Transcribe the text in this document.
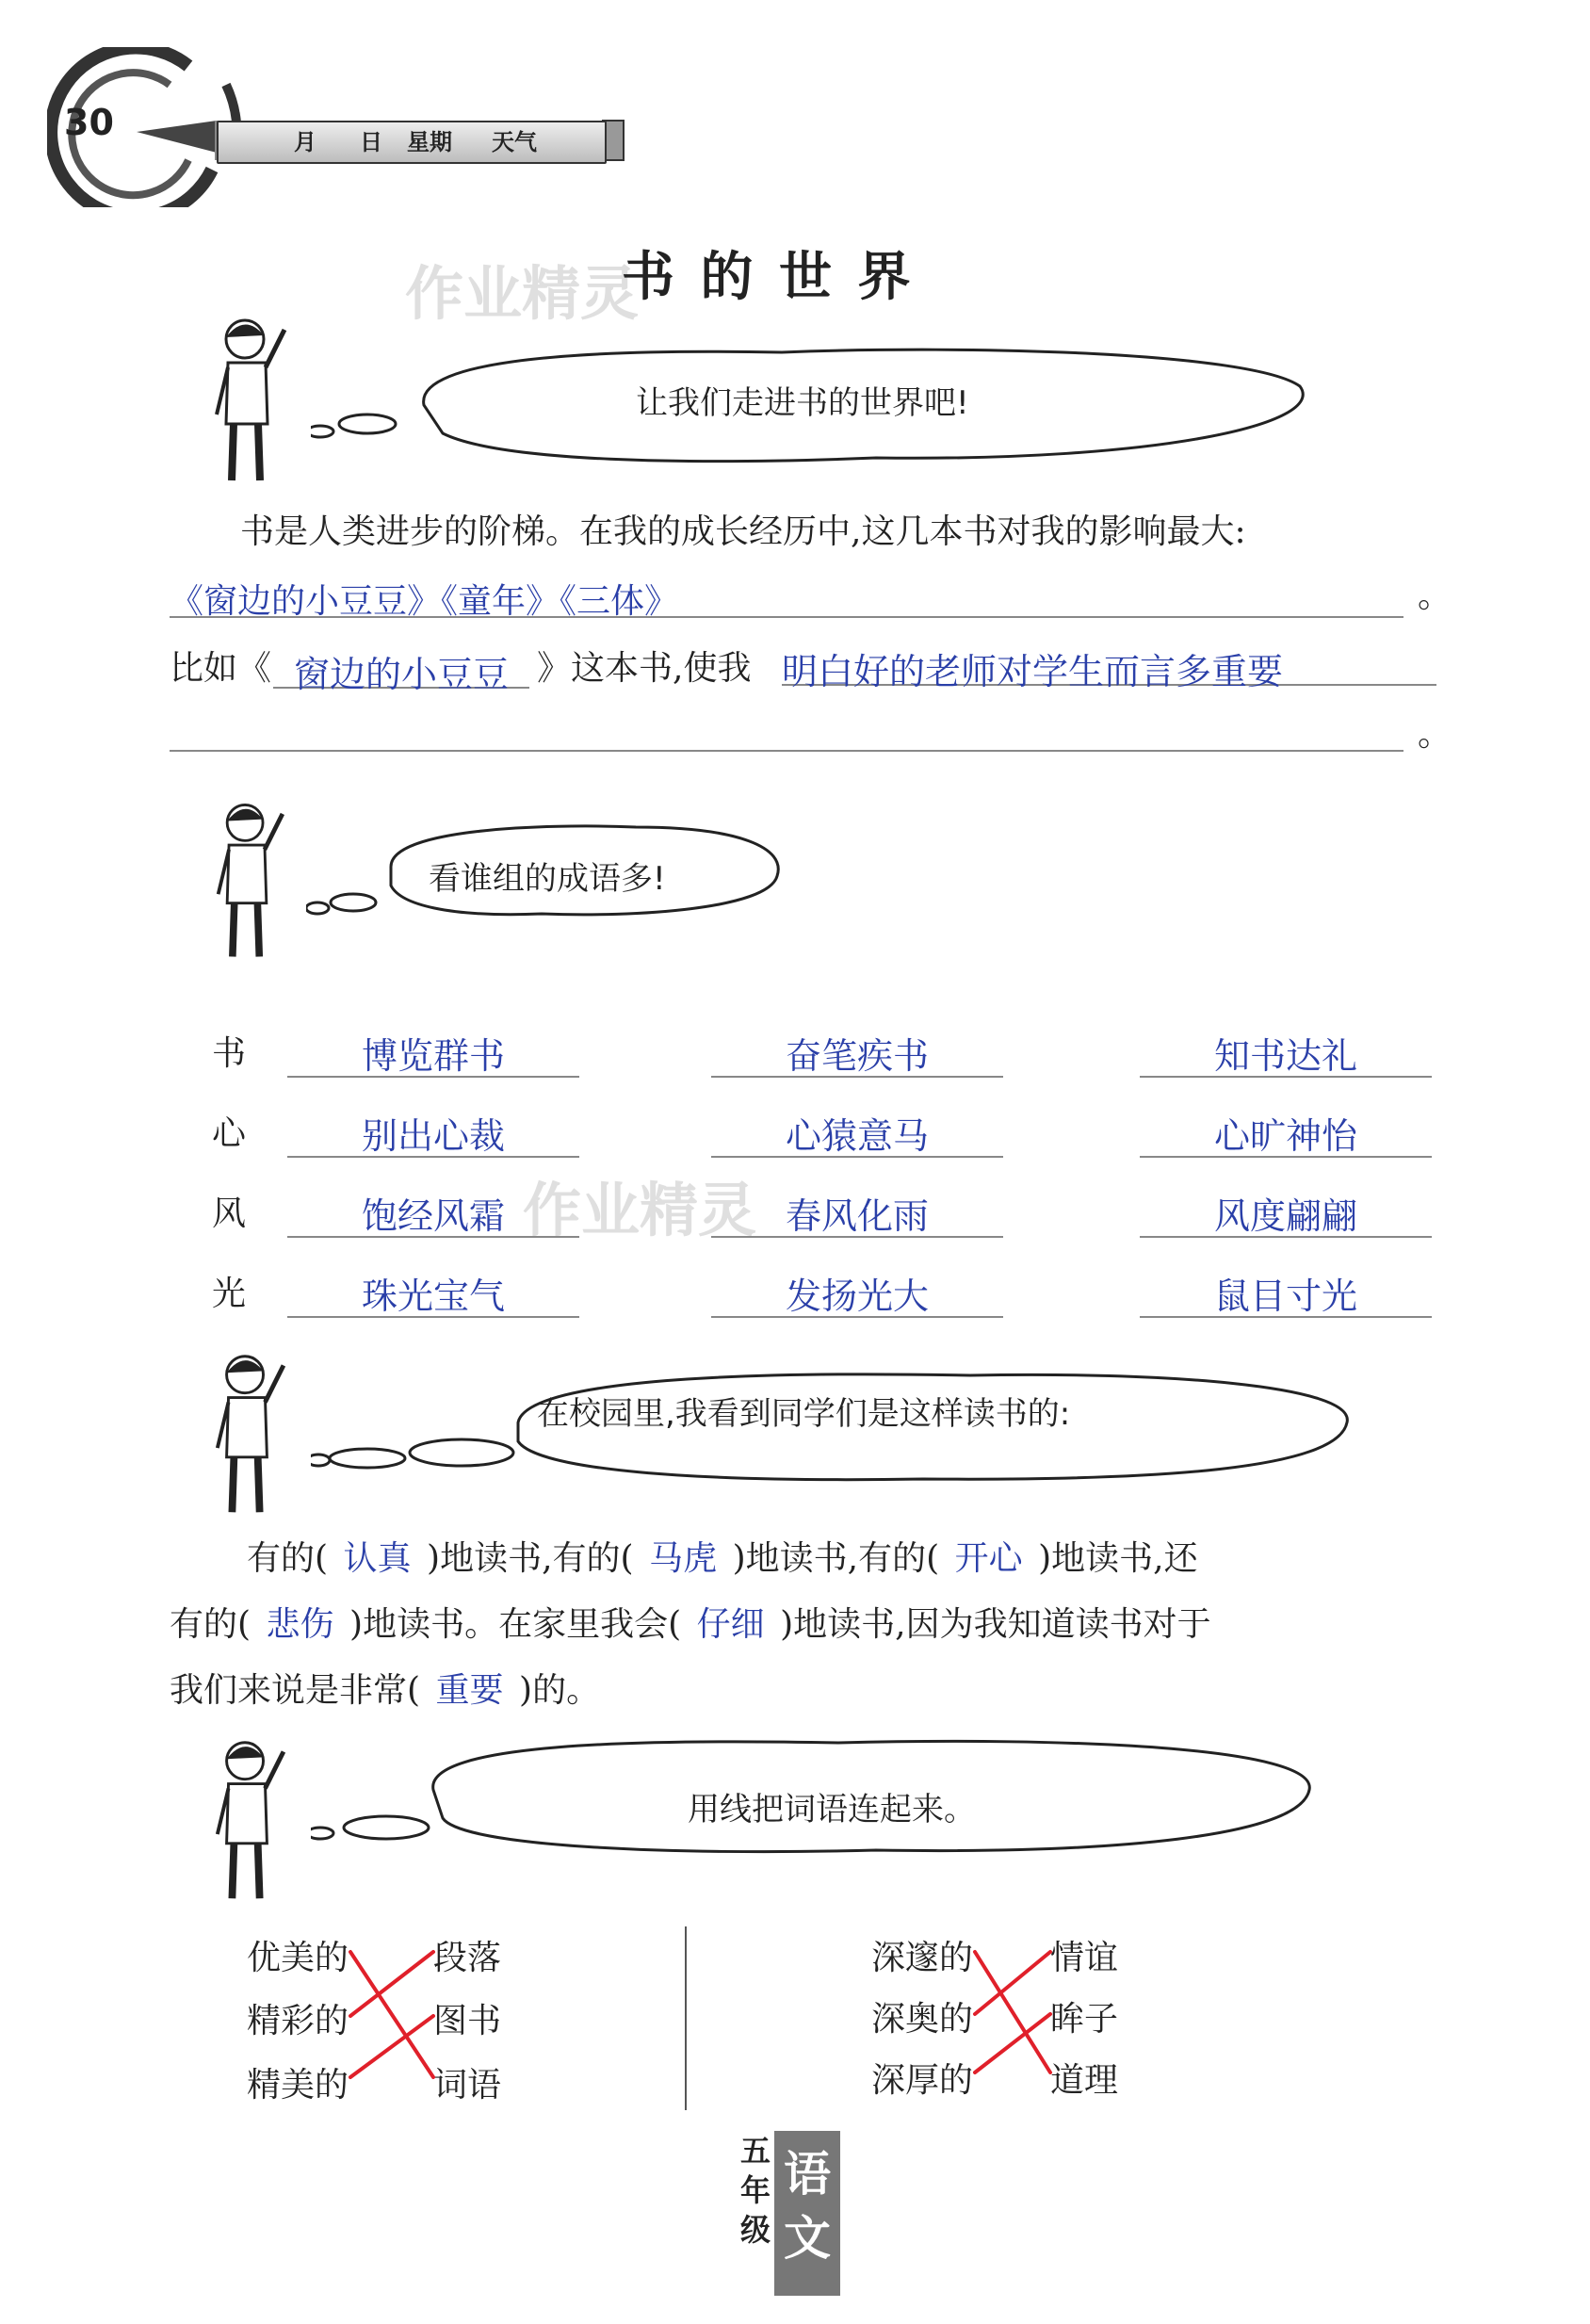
30	月 日 星期 天气
作业精灵
书 的 世 界
让我们走进书的世界吧!
书是人类进步的阶梯。在我的成长经历中,这几本书对我的影响最大:
《窗边的小豆豆》《童年》《三体》	。
比如《 窗边的小豆豆 》这本书,使我 明白好的老师对学生而言多重要
。
看谁组的成语多!
书	博览群书	奋笔疾书	知书达礼
心	别出心裁	心猿意马	心旷神怡
风	饱经风霜	春风化雨	风度翩翩
光	珠光宝气	发扬光大	鼠目寸光
作业精灵
在校园里,我看到同学们是这样读书的:
有的( 认真 )地读书,有的( 马虎 )地读书,有的( 开心 )地读书,还
有的( 悲伤 )地读书。在家里我会( 仔细 )地读书,因为我知道读书对于
我们来说是非常( 重要 )的。
用线把词语连起来。
优美的
精彩的
精美的
段落
图书
词语
深邃的
深奥的
深厚的
情谊
眸子
道理
五
年
级
语
文
